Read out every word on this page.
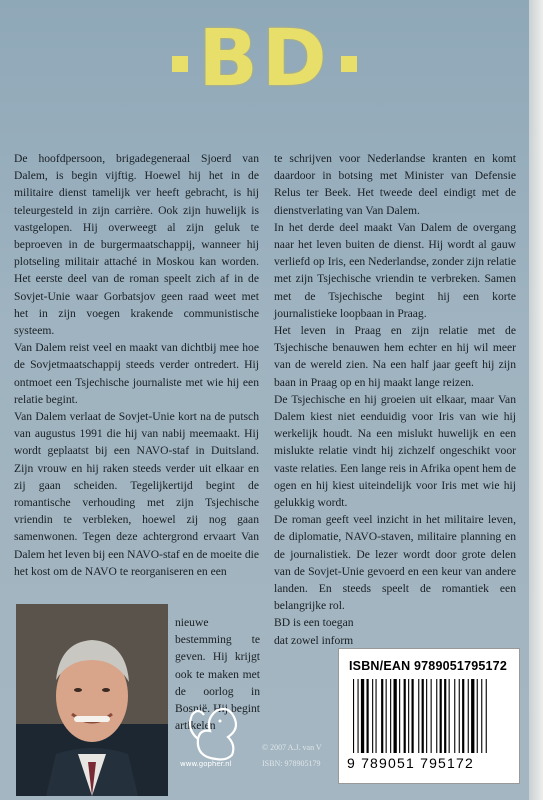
BD

De hoofdpersoon, brigadegeneraal Sjoerd van Dalem, is begin vijftig. Hoewel hij het in de militaire dienst tamelijk ver heeft gebracht, is hij teleurgesteld in zijn carrière. Ook zijn huwelijk is vastgelopen. Hij overweegt al zijn geluk te beproeven in de burgermaatschappij, wanneer hij plotseling militair attaché in Moskou kan worden. Het eerste deel van de roman speelt zich af in de Sovjet-Unie waar Gorbatsjov geen raad weet met het in zijn voegen krakende communistische systeem.

Van Dalem reist veel en maakt van dichtbij mee hoe de Sovjetmaatschappij steeds verder ontredert. Hij ontmoet een Tsjechische journaliste met wie hij een relatie begint.

Van Dalem verlaat de Sovjet-Unie kort na de putsch van augustus 1991 die hij van nabij meemaakt. Hij wordt geplaatst bij een NAVO-staf in Duitsland. Zijn vrouw en hij raken steeds verder uit elkaar en zij gaan scheiden. Tegelijkertijd begint de romantische verhouding met zijn Tsjechische vriendin te verbleken, hoewel zij nog gaan samenwonen. Tegen deze achtergrond ervaart Van Dalem het leven bij een NAVO-staf en de moeite die het kost om de NAVO te reorganiseren en een

nieuwe bestemming te geven. Hij krijgt ook te maken met de oorlog in Bosnië. Hij begint artikelen

te schrijven voor Nederlandse kranten en komt daardoor in botsing met Minister van Defensie Relus ter Beek. Het tweede deel eindigt met de dienstverlating van Van Dalem.

In het derde deel maakt Van Dalem de overgang naar het leven buiten de dienst. Hij wordt al gauw verliefd op Iris, een Nederlandse, zonder zijn relatie met zijn Tsjechische vriendin te verbreken. Samen met de Tsjechische begint hij een korte journalistieke loopbaan in Praag.

Het leven in Praag en zijn relatie met de Tsjechische benauwen hem echter en hij wil meer van de wereld zien. Na een half jaar geeft hij zijn baan in Praag op en hij maakt lange reizen.

De Tsjechische en hij groeien uit elkaar, maar Van Dalem kiest niet eenduidig voor Iris van wie hij werkelijk houdt. Na een mislukt huwelijk en een mislukte relatie vindt hij zichzelf ongeschikt voor vaste relaties. Een lange reis in Afrika opent hem de ogen en hij kiest uiteindelijk voor Iris met wie hij gelukkig wordt.

De roman geeft veel inzicht in het militaire leven, de diplomatie, NAVO-staven, militaire planning en de journalistiek. De lezer wordt door grote delen van de Sovjet-Unie gevoerd en een keur van andere landen. En steeds speelt de romantiek een belangrijke rol.

BD is een toegan

dat zowel inform

www.gopher.nl
© 2007 A.J. van V
ISBN: 978905179
ISBN/EAN 9789051795172
9 789051 795172
